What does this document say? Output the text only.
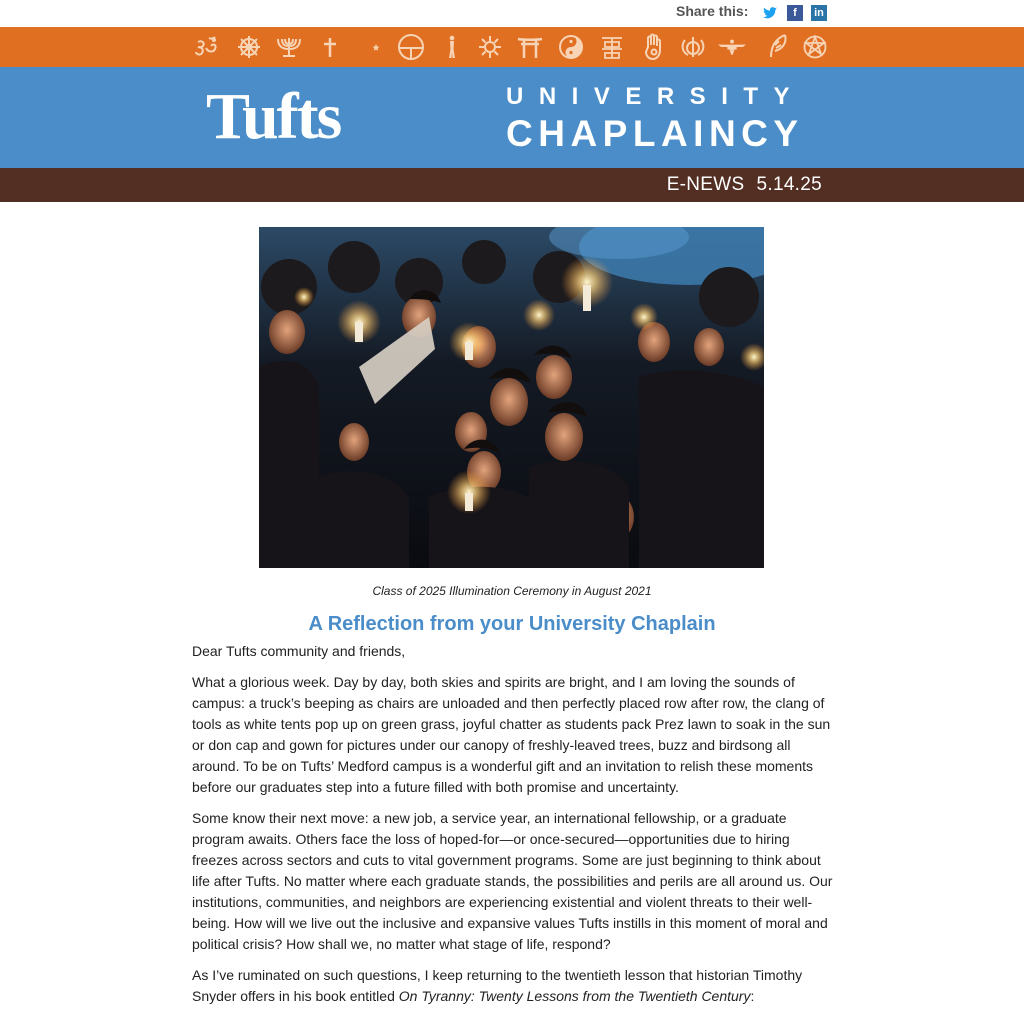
Share this:	f	in
Tufts	UNIVERSITY
CHAPLAINCY
E-NEWS 5.14.25
Class of 2025 Illumination Ceremony in August 2021
A Reflection from your University Chaplain

Dear Tufts community and friends,

What a glorious week. Day by day, both skies and spirits are bright, and I am loving the sounds of campus: a truck’s beeping as chairs are unloaded and then perfectly placed row after row, the clang of tools as white tents pop up on green grass, joyful chatter as students pack Prez lawn to soak in the sun or don cap and gown for pictures under our canopy of freshly-leaved trees, buzz and birdsong all around. To be on Tufts’ Medford campus is a wonderful gift and an invitation to relish these moments before our graduates step into a future filled with both promise and uncertainty.

Some know their next move: a new job, a service year, an international fellowship, or a graduate program awaits. Others face the loss of hoped-for—or once-secured—opportunities due to hiring freezes across sectors and cuts to vital government programs. Some are just beginning to think about life after Tufts. No matter where each graduate stands, the possibilities and perils are all around us. Our institutions, communities, and neighbors are experiencing existential and violent threats to their well-being. How will we live out the inclusive and expansive values Tufts instills in this moment of moral and political crisis? How shall we, no matter what stage of life, respond?

As I’ve ruminated on such questions, I keep returning to the twentieth lesson that historian Timothy Snyder offers in his book entitled On Tyranny: Twenty Lessons from the Twentieth Century:
